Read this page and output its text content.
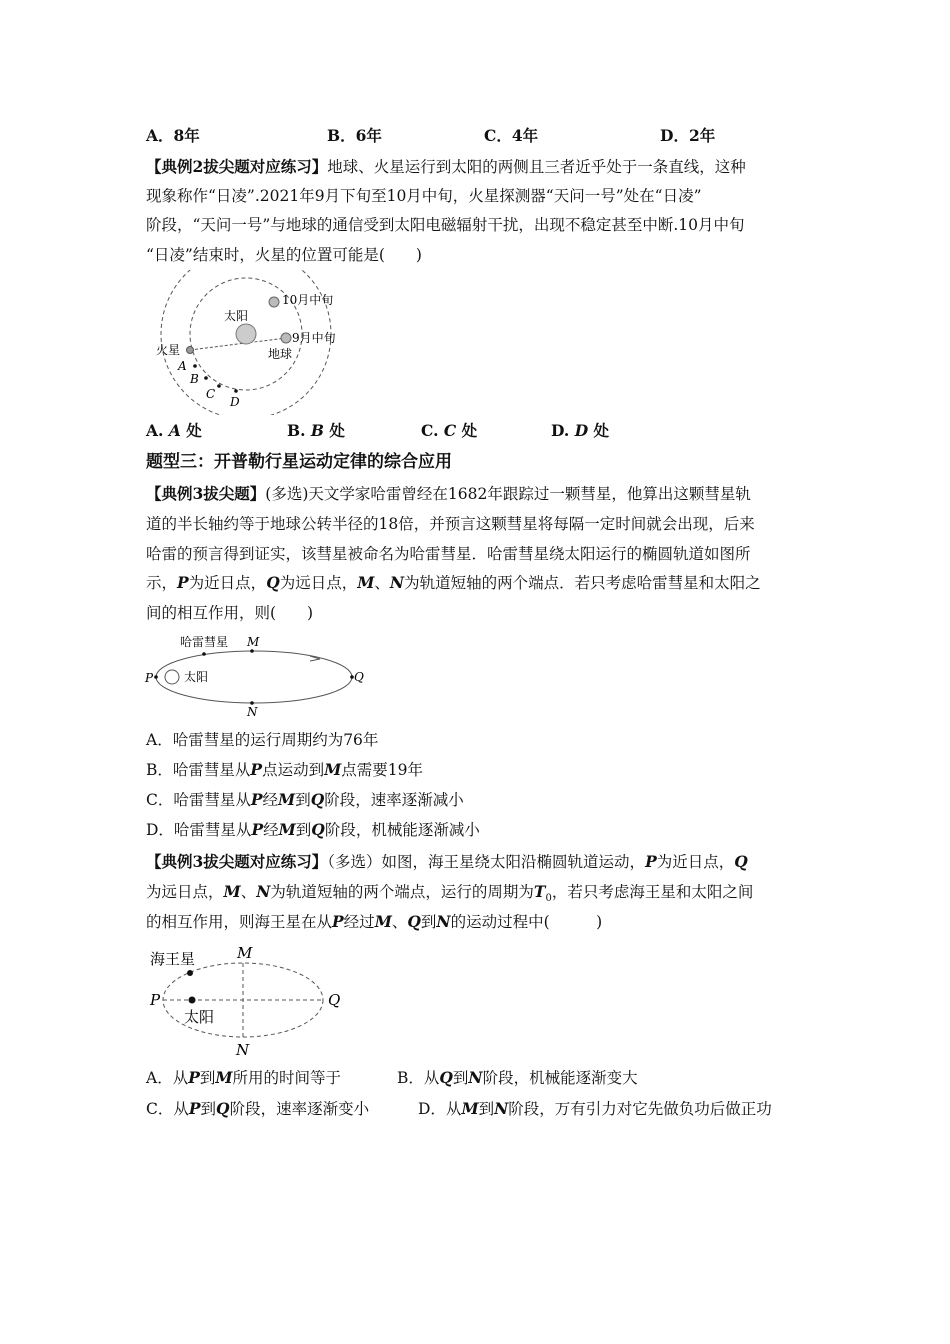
A．8年	B．6年	C．4年	D．2年
【典例2拔尖题对应练习】地球、火星运行到太阳的两侧且三者近乎处于一条直线，这种
现象称作“日凌”.2021年9月下旬至10月中旬，火星探测器“天问一号”处在“日凌”
阶段，“天问一号”与地球的通信受到太阳电磁辐射干扰，出现不稳定甚至中断.10月中旬
“日凌”结束时，火星的位置可能是(　　)
10月中旬
太阳
9月中旬
火星	地球
A
B
C
D
A. A 处	B. B 处	C. C 处	D. D 处
题型三：开普勒行星运动定律的综合应用
【典例3拔尖题】(多选)天文学家哈雷曾经在1682年跟踪过一颗彗星，他算出这颗彗星轨
道的半长轴约等于地球公转半径的18倍，并预言这颗彗星将每隔一定时间就会出现，后来
哈雷的预言得到证实，该彗星被命名为哈雷彗星．哈雷彗星绕太阳运行的椭圆轨道如图所
示，P为近日点，Q为远日点，M、N为轨道短轴的两个端点．若只考虑哈雷彗星和太阳之
间的相互作用，则(　　)
哈雷彗星 M
P	太阳	Q
N
A．哈雷彗星的运行周期约为76年
B．哈雷彗星从P点运动到M点需要19年
C．哈雷彗星从P经M到Q阶段，速率逐渐减小
D．哈雷彗星从P经M到Q阶段，机械能逐渐减小
【典例3拔尖题对应练习】（多选）如图，海王星绕太阳沿椭圆轨道运动，P为近日点，Q
为远日点，M、N为轨道短轴的两个端点，运行的周期为$T_0$，若只考虑海王星和太阳之间
的相互作用，则海王星在从P经过M、Q到N的运动过程中(　　　)
海王星	M
P	Q
太阳
N
A．从P到M所用的时间等于	B．从Q到N阶段，机械能逐渐变大
C．从P到Q阶段，速率逐渐变小	D．从M到N阶段，万有引力对它先做负功后做正功
